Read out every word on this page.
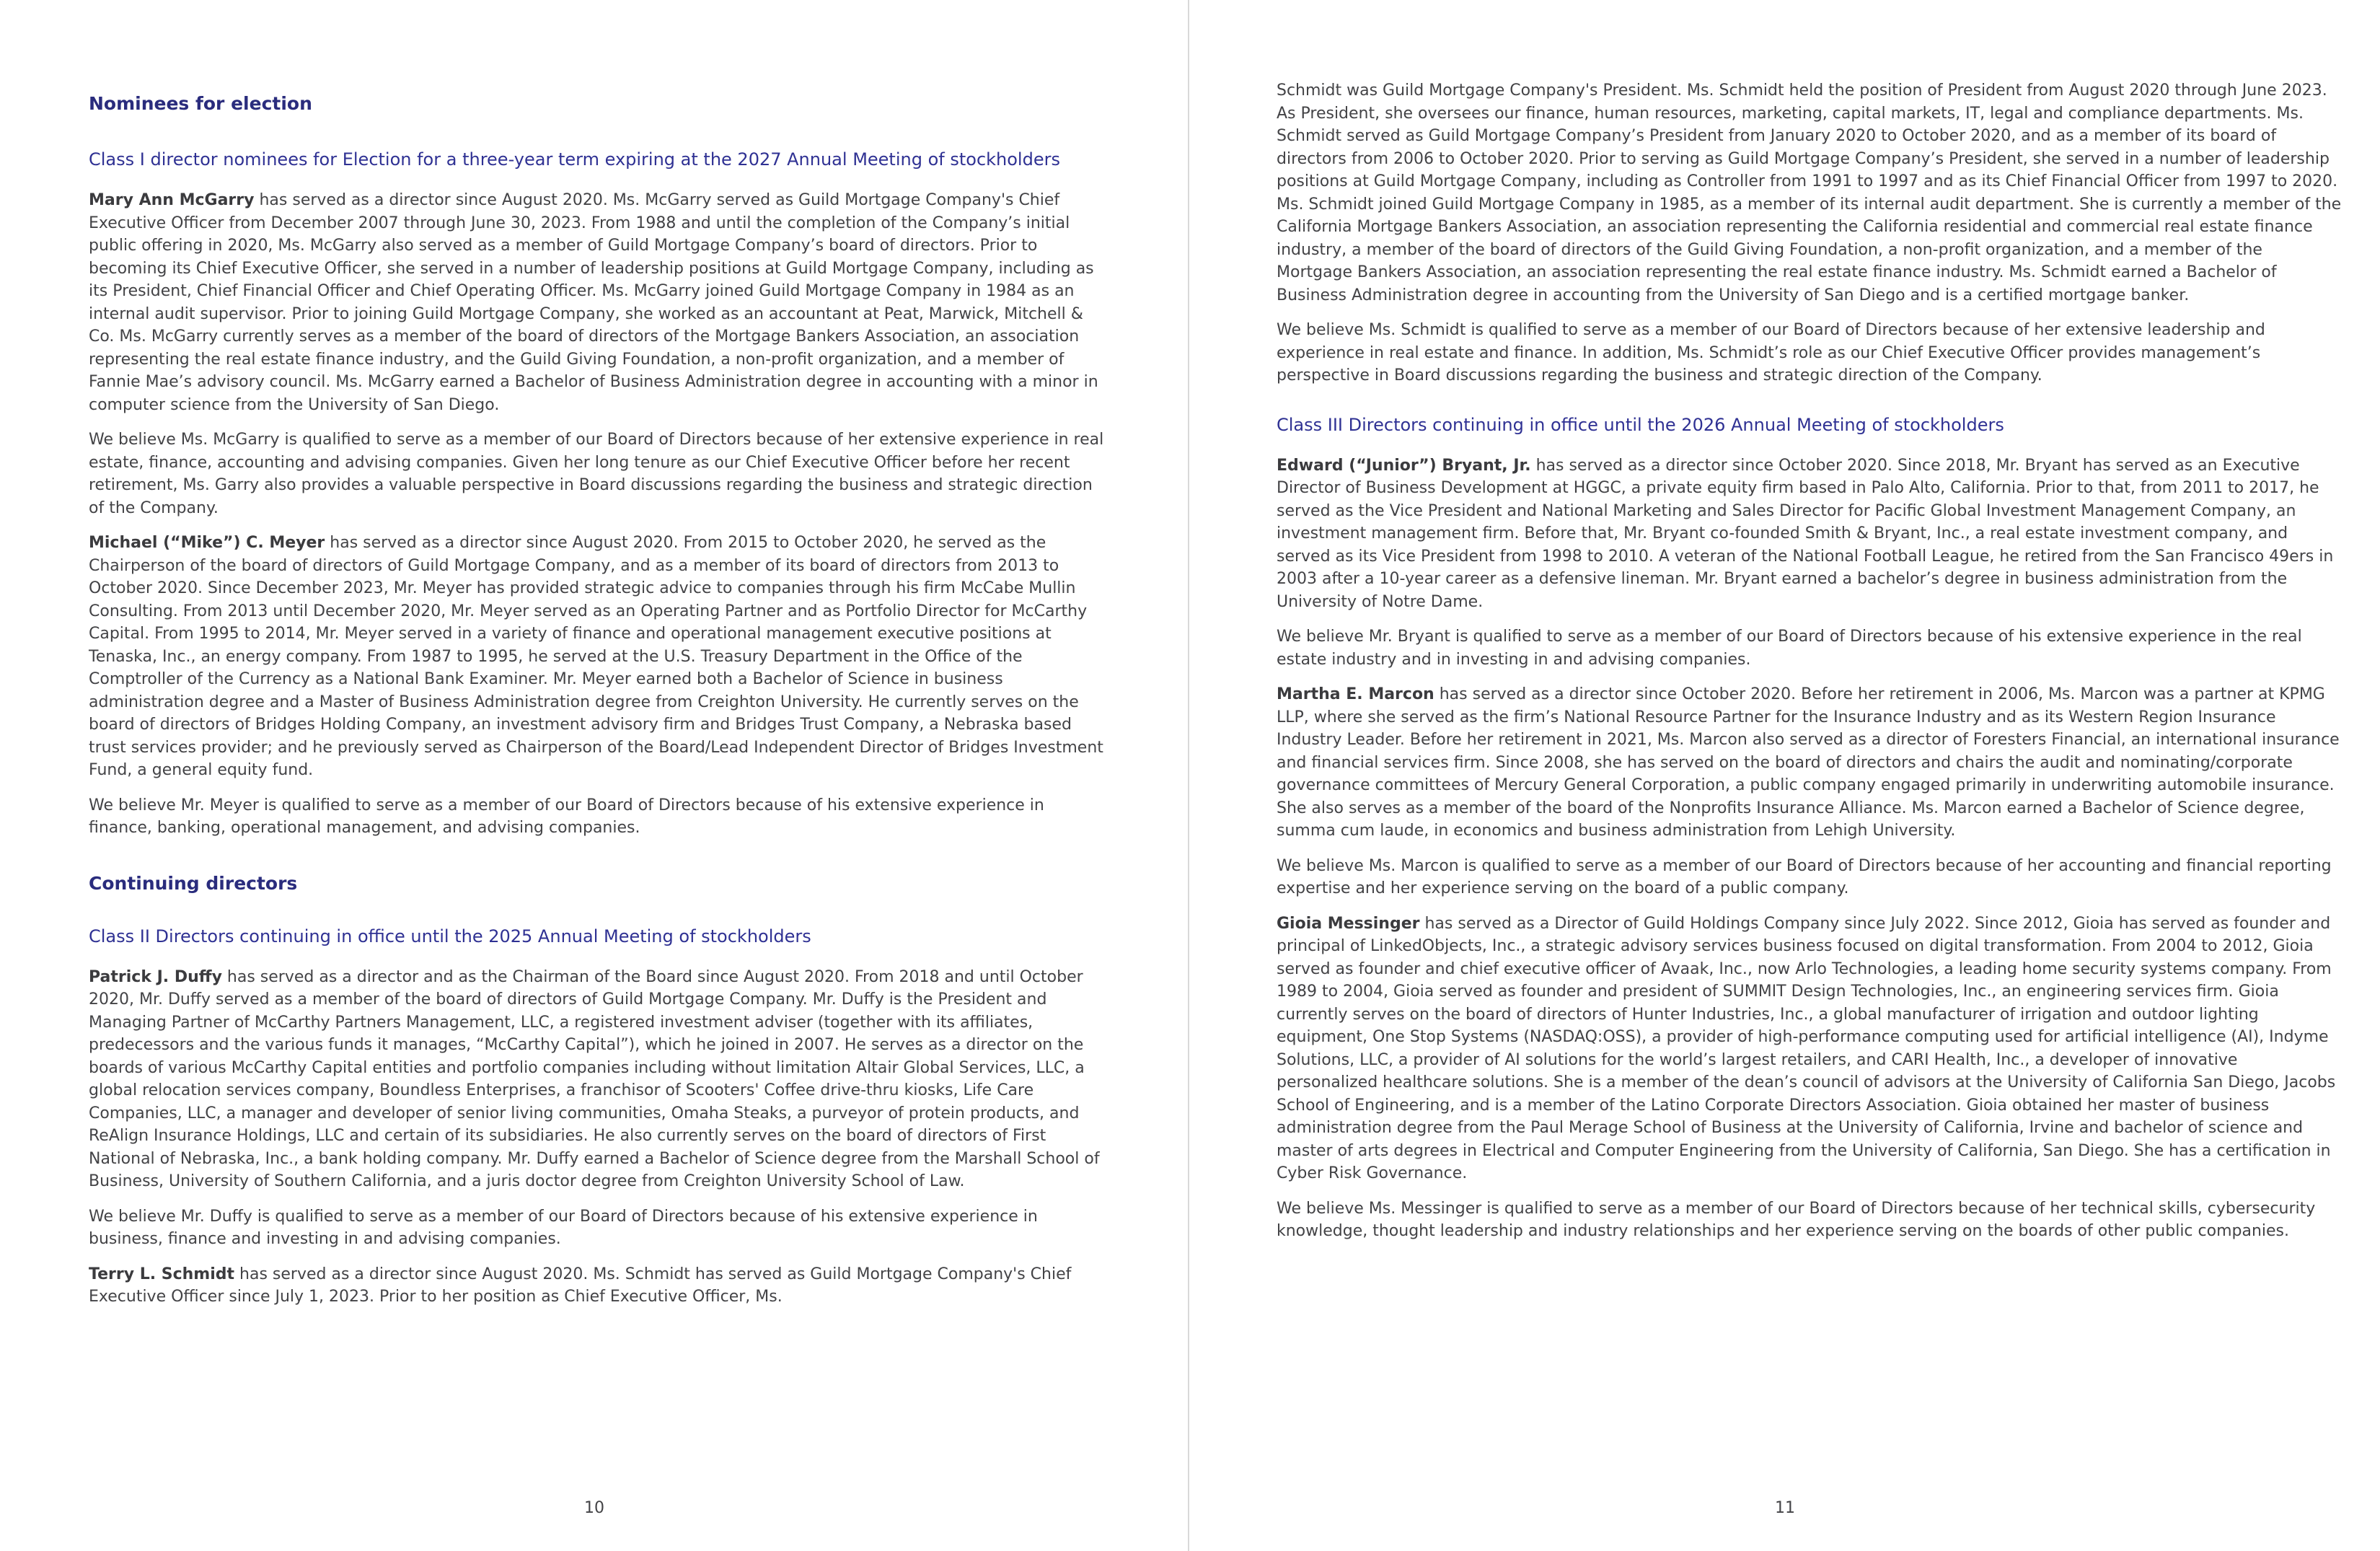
Nominees for election
Class I director nominees for Election for a three-year term expiring at the 2027 Annual Meeting of stockholders

Mary Ann McGarry has served as a director since August 2020. Ms. McGarry served as Guild Mortgage Company's Chief Executive Officer from December 2007 through June 30, 2023. From 1988 and until the completion of the Company’s initial public offering in 2020, Ms. McGarry also served as a member of Guild Mortgage Company’s board of directors. Prior to becoming its Chief Executive Officer, she served in a number of leadership positions at Guild Mortgage Company, including as its President, Chief Financial Officer and Chief Operating Officer. Ms. McGarry joined Guild Mortgage Company in 1984 as an internal audit supervisor. Prior to joining Guild Mortgage Company, she worked as an accountant at Peat, Marwick, Mitchell & Co. Ms. McGarry currently serves as a member of the board of directors of the Mortgage Bankers Association, an association representing the real estate finance industry, and the Guild Giving Foundation, a non-profit organization, and a member of Fannie Mae’s advisory council. Ms. McGarry earned a Bachelor of Business Administration degree in accounting with a minor in computer science from the University of San Diego.

We believe Ms. McGarry is qualified to serve as a member of our Board of Directors because of her extensive experience in real estate, finance, accounting and advising companies. Given her long tenure as our Chief Executive Officer before her recent retirement, Ms. Garry also provides a valuable perspective in Board discussions regarding the business and strategic direction of the Company.

Michael (“Mike”) C. Meyer has served as a director since August 2020. From 2015 to October 2020, he served as the Chairperson of the board of directors of Guild Mortgage Company, and as a member of its board of directors from 2013 to October 2020. Since December 2023, Mr. Meyer has provided strategic advice to companies through his firm McCabe Mullin Consulting. From 2013 until December 2020, Mr. Meyer served as an Operating Partner and as Portfolio Director for McCarthy Capital. From 1995 to 2014, Mr. Meyer served in a variety of finance and operational management executive positions at Tenaska, Inc., an energy company. From 1987 to 1995, he served at the U.S. Treasury Department in the Office of the Comptroller of the Currency as a National Bank Examiner. Mr. Meyer earned both a Bachelor of Science in business administration degree and a Master of Business Administration degree from Creighton University. He currently serves on the board of directors of Bridges Holding Company, an investment advisory firm and Bridges Trust Company, a Nebraska based trust services provider; and he previously served as Chairperson of the Board/Lead Independent Director of Bridges Investment Fund, a general equity fund.

We believe Mr. Meyer is qualified to serve as a member of our Board of Directors because of his extensive experience in finance, banking, operational management, and advising companies.

Continuing directors
Class II Directors continuing in office until the 2025 Annual Meeting of stockholders

Patrick J. Duffy has served as a director and as the Chairman of the Board since August 2020. From 2018 and until October 2020, Mr. Duffy served as a member of the board of directors of Guild Mortgage Company. Mr. Duffy is the President and Managing Partner of McCarthy Partners Management, LLC, a registered investment adviser (together with its affiliates, predecessors and the various funds it manages, “McCarthy Capital”), which he joined in 2007. He serves as a director on the boards of various McCarthy Capital entities and portfolio companies including without limitation Altair Global Services, LLC, a global relocation services company, Boundless Enterprises, a franchisor of Scooters' Coffee drive-thru kiosks, Life Care Companies, LLC, a manager and developer of senior living communities, Omaha Steaks, a purveyor of protein products, and ReAlign Insurance Holdings, LLC and certain of its subsidiaries. He also currently serves on the board of directors of First National of Nebraska, Inc., a bank holding company. Mr. Duffy earned a Bachelor of Science degree from the Marshall School of Business, University of Southern California, and a juris doctor degree from Creighton University School of Law.

We believe Mr. Duffy is qualified to serve as a member of our Board of Directors because of his extensive experience in business, finance and investing in and advising companies.

Terry L. Schmidt has served as a director since August 2020. Ms. Schmidt has served as Guild Mortgage Company's Chief Executive Officer since July 1, 2023. Prior to her position as Chief Executive Officer, Ms.

10

Schmidt was Guild Mortgage Company's President. Ms. Schmidt held the position of President from August 2020 through June 2023. As President, she oversees our finance, human resources, marketing, capital markets, IT, legal and compliance departments. Ms. Schmidt served as Guild Mortgage Company’s President from January 2020 to October 2020, and as a member of its board of directors from 2006 to October 2020. Prior to serving as Guild Mortgage Company’s President, she served in a number of leadership positions at Guild Mortgage Company, including as Controller from 1991 to 1997 and as its Chief Financial Officer from 1997 to 2020. Ms. Schmidt joined Guild Mortgage Company in 1985, as a member of its internal audit department. She is currently a member of the California Mortgage Bankers Association, an association representing the California residential and commercial real estate finance industry, a member of the board of directors of the Guild Giving Foundation, a non-profit organization, and a member of the Mortgage Bankers Association, an association representing the real estate finance industry. Ms. Schmidt earned a Bachelor of Business Administration degree in accounting from the University of San Diego and is a certified mortgage banker.

We believe Ms. Schmidt is qualified to serve as a member of our Board of Directors because of her extensive leadership and experience in real estate and finance. In addition, Ms. Schmidt’s role as our Chief Executive Officer provides management’s perspective in Board discussions regarding the business and strategic direction of the Company.

Class III Directors continuing in office until the 2026 Annual Meeting of stockholders

Edward (“Junior”) Bryant, Jr. has served as a director since October 2020. Since 2018, Mr. Bryant has served as an Executive Director of Business Development at HGGC, a private equity firm based in Palo Alto, California. Prior to that, from 2011 to 2017, he served as the Vice President and National Marketing and Sales Director for Pacific Global Investment Management Company, an investment management firm. Before that, Mr. Bryant co-founded Smith & Bryant, Inc., a real estate investment company, and served as its Vice President from 1998 to 2010. A veteran of the National Football League, he retired from the San Francisco 49ers in 2003 after a 10-year career as a defensive lineman. Mr. Bryant earned a bachelor’s degree in business administration from the University of Notre Dame.

We believe Mr. Bryant is qualified to serve as a member of our Board of Directors because of his extensive experience in the real estate industry and in investing in and advising companies.

Martha E. Marcon has served as a director since October 2020. Before her retirement in 2006, Ms. Marcon was a partner at KPMG LLP, where she served as the firm’s National Resource Partner for the Insurance Industry and as its Western Region Insurance Industry Leader. Before her retirement in 2021, Ms. Marcon also served as a director of Foresters Financial, an international insurance and financial services firm. Since 2008, she has served on the board of directors and chairs the audit and nominating/corporate governance committees of Mercury General Corporation, a public company engaged primarily in underwriting automobile insurance. She also serves as a member of the board of the Nonprofits Insurance Alliance. Ms. Marcon earned a Bachelor of Science degree, summa cum laude, in economics and business administration from Lehigh University.

We believe Ms. Marcon is qualified to serve as a member of our Board of Directors because of her accounting and financial reporting expertise and her experience serving on the board of a public company.

Gioia Messinger has served as a Director of Guild Holdings Company since July 2022. Since 2012, Gioia has served as founder and principal of LinkedObjects, Inc., a strategic advisory services business focused on digital transformation. From 2004 to 2012, Gioia served as founder and chief executive officer of Avaak, Inc., now Arlo Technologies, a leading home security systems company. From 1989 to 2004, Gioia served as founder and president of SUMMIT Design Technologies, Inc., an engineering services firm. Gioia currently serves on the board of directors of Hunter Industries, Inc., a global manufacturer of irrigation and outdoor lighting equipment, One Stop Systems (NASDAQ:OSS), a provider of high-performance computing used for artificial intelligence (AI), Indyme Solutions, LLC, a provider of AI solutions for the world’s largest retailers, and CARI Health, Inc., a developer of innovative personalized healthcare solutions. She is a member of the dean’s council of advisors at the University of California San Diego, Jacobs School of Engineering, and is a member of the Latino Corporate Directors Association. Gioia obtained her master of business administration degree from the Paul Merage School of Business at the University of California, Irvine and bachelor of science and master of arts degrees in Electrical and Computer Engineering from the University of California, San Diego. She has a certification in Cyber Risk Governance.

We believe Ms. Messinger is qualified to serve as a member of our Board of Directors because of her technical skills, cybersecurity knowledge, thought leadership and industry relationships and her experience serving on the boards of other public companies.

11
